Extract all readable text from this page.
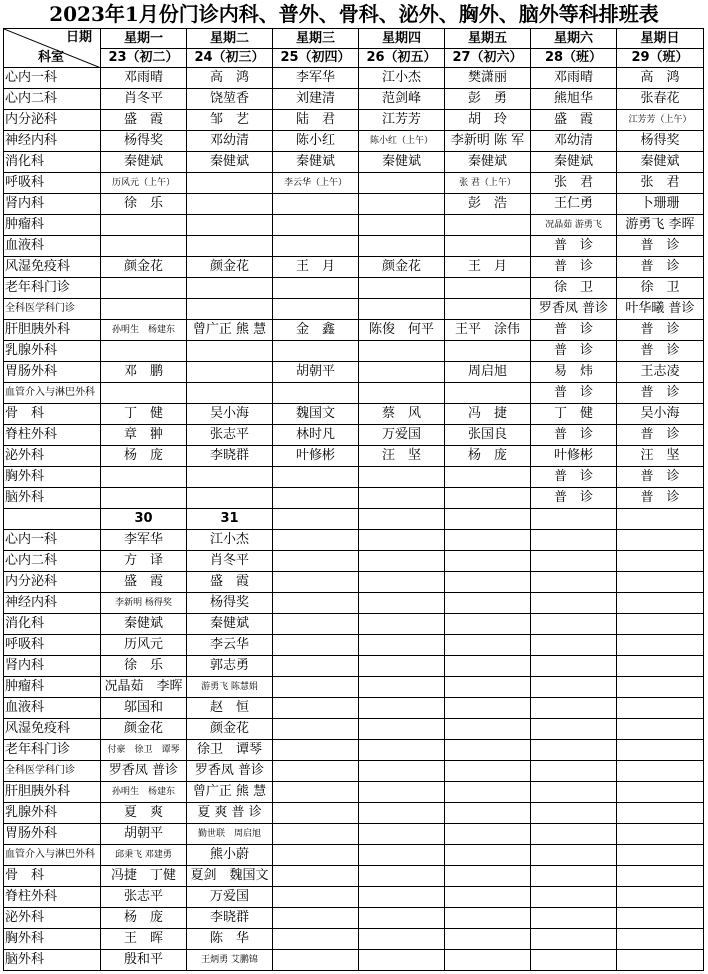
2023年1月份门诊内科、普外、骨科、泌外、胸外、脑外等科排班表
日期
科室	星期一	星期二	星期三	星期四	星期五	星期六	星期日
	23（初二）	24（初三）	25（初四）	26（初五）	27（初六）	28（班）	29（班）
心内一科	邓雨晴	高　鸿	李军华	江小杰	樊潇丽	邓雨晴	高　鸿
心内二科	肖冬平	饶堃香	刘建清	范剑峰	彭　勇	熊旭华	张春花
内分泌科	盛　霞	邹　艺	陆　君	江芳芳	胡　玲	盛　霞	江芳芳（上午）
神经内科	杨得奖	邓幼清	陈小红	陈小红（上午）	李新明 陈 军	邓幼清	杨得奖
消化科	秦健斌	秦健斌	秦健斌	秦健斌	秦健斌	秦健斌	秦健斌
呼吸科	历风元（上午）		李云华（上午）		张 君（上午）	张　君	张　君
肾内科	徐　乐				彭　浩	王仁勇	卜珊珊
肿瘤科						况晶茹 游勇飞	游勇飞 李晖
血液科						普　诊	普　诊
风湿免疫科	颜金花	颜金花	王　月	颜金花	王　月	普　诊	普　诊
老年科门诊						徐　卫	徐　卫
全科医学科门诊						罗香凤 普诊	叶华曦 普诊
肝胆胰外科	孙明生　杨建东	曾广正 熊 慧	金　鑫	陈俊　何平	王平　涂伟	普　诊	普　诊
乳腺外科						普　诊	普　诊
胃肠外科	邓　鹏		胡朝平		周启旭	易　炜	王志凌
血管介入与淋巴外科						普　诊	普　诊
骨　科	丁　健	吴小海	魏国文	蔡　风	冯　捷	丁　健	吴小海
脊柱外科	章　翀	张志平	林时凡	万爱国	张国良	普　诊	普　诊
泌外科	杨　庞	李晓群	叶修彬	汪　坚	杨　庞	叶修彬	汪　坚
胸外科						普　诊	普　诊
脑外科						普　诊	普　诊
	30	31					
心内一科	李军华	江小杰					
心内二科	方　译	肖冬平					
内分泌科	盛　霞	盛　霞					
神经内科	李新明 杨得奖	杨得奖					
消化科	秦健斌	秦健斌					
呼吸科	历风元	李云华					
肾内科	徐　乐	郭志勇					
肿瘤科	况晶茹　李晖	游勇飞 陈慧娟					
血液科	邬国和	赵　恒					
风湿免疫科	颜金花	颜金花					
老年科门诊	付豪　徐卫　谭琴	徐卫　谭琴					
全科医学科门诊	罗香凤 普诊	罗香凤 普诊					
肝胆胰外科	孙明生　杨建东	曾广正 熊 慧					
乳腺外科	夏　爽	夏 爽 普 诊					
胃肠外科	胡朝平	勤世联　周启旭					
血管介入与淋巴外科	邱秉飞 邓建勇	熊小蔚					
骨　科	冯捷　丁健	夏剑　魏国文					
脊柱外科	张志平	万爱国					
泌外科	杨　庞	李晓群					
胸外科	王　晖	陈　华					
脑外科	殷和平	王炳勇 艾鹏锦					
